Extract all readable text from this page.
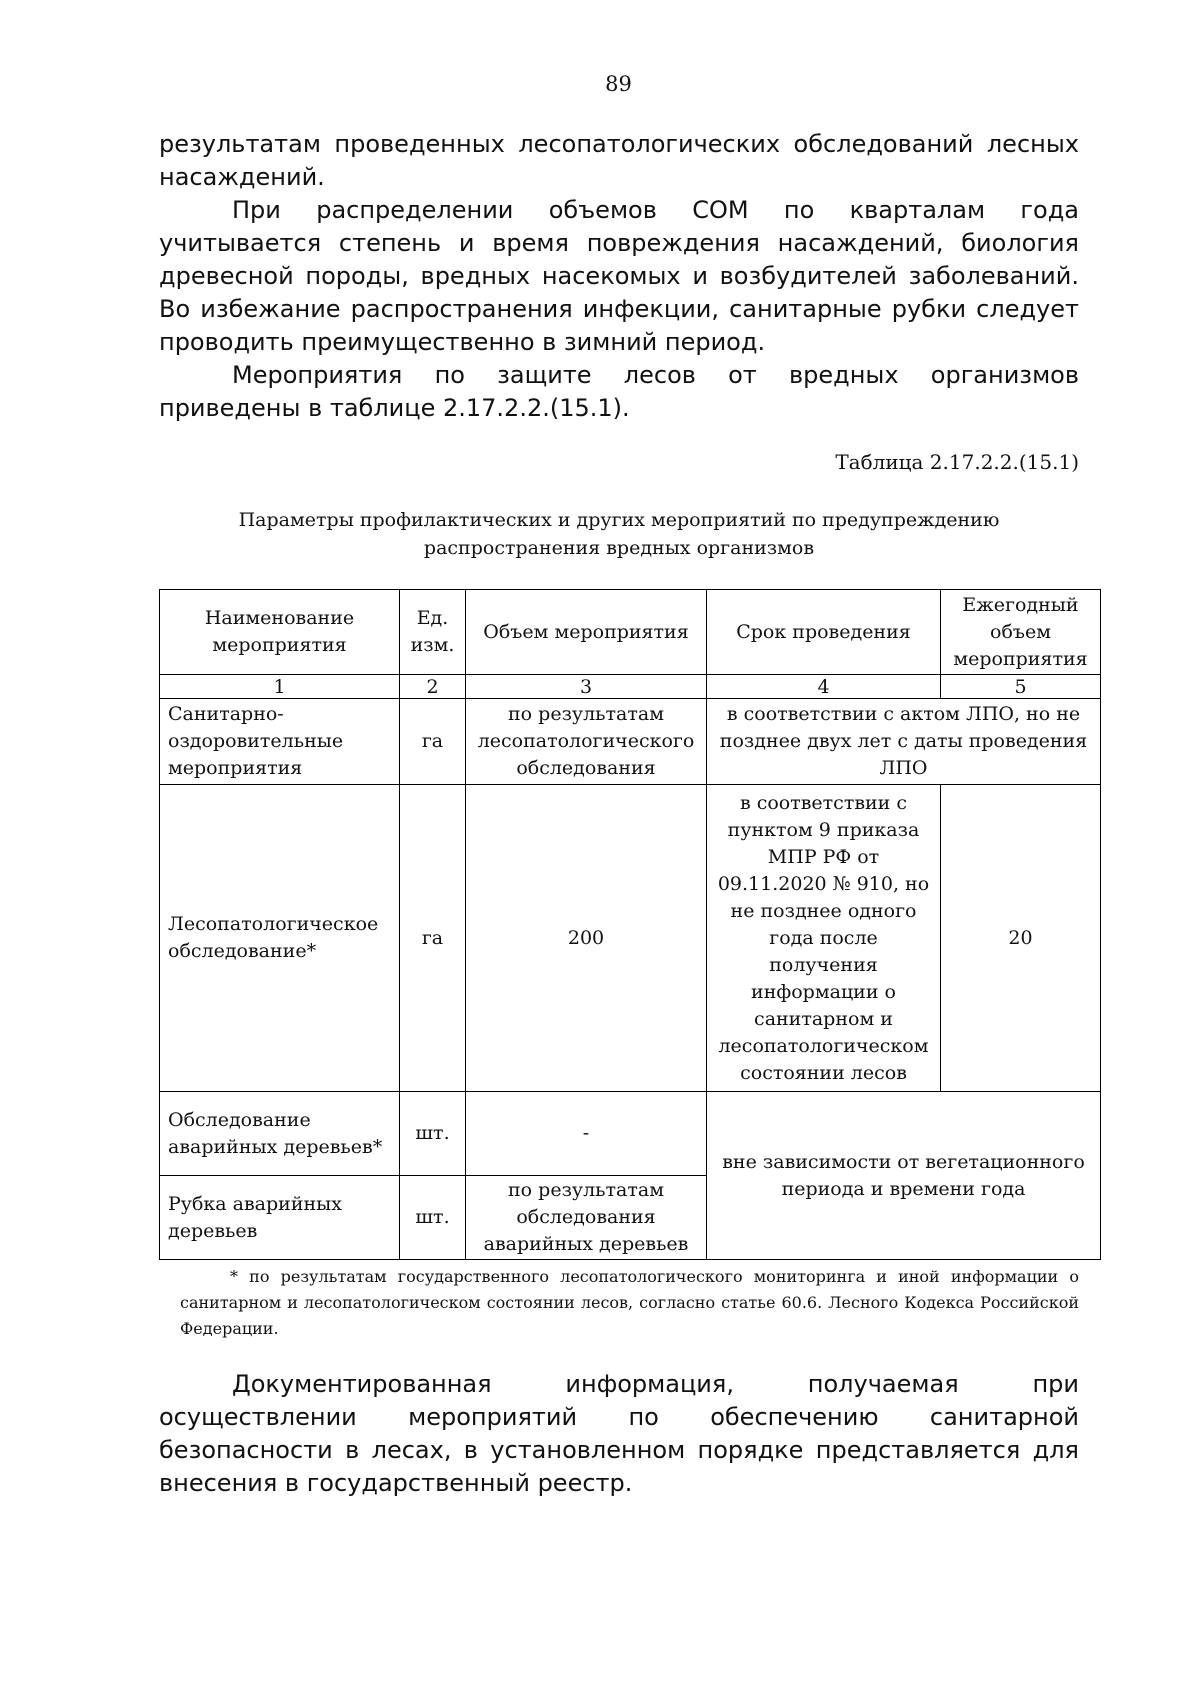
89

результатам проведенных лесопатологических обследований лесных насаждений.

При распределении объемов СОМ по кварталам года учитывается степень и время повреждения насаждений, биология древесной породы, вредных насекомых и возбудителей заболеваний. Во избежание распространения инфекции, санитарные рубки следует проводить преимущественно в зимний период.

Мероприятия по защите лесов от вредных организмов приведены в таблице 2.17.2.2.(15.1).

Таблица 2.17.2.2.(15.1)
Параметры профилактических и других мероприятий по предупреждению
распространения вредных организмов
Наименование мероприятия	Ед. изм.	Объем мероприятия	Срок проведения	Ежегодный объем мероприятия
1	2	3	4	5
Санитарно-оздоровительные мероприятия	га	по результатам лесопатологического обследования	в соответствии с актом ЛПО, но не позднее двух лет с даты проведения ЛПО	
Лесопатологическое обследование*	га	200	в соответствии с пунктом 9 приказа МПР РФ от 09.11.2020 № 910, но не позднее одного года после получения информации о санитарном и лесопатологическом состоянии лесов	20
Обследование аварийных деревьев*	шт.	-	вне зависимости от вегетационного периода и времени года	
Рубка аварийных деревьев	шт.	по результатам обследования аварийных деревьев		
* по результатам государственного лесопатологического мониторинга и иной информации о санитарном и лесопатологическом состоянии лесов, согласно статье 60.6. Лесного Кодекса Российской Федерации.

Документированная информация, получаемая при осуществлении мероприятий по обеспечению санитарной безопасности в лесах, в установленном порядке представляется для внесения в государственный реестр.
